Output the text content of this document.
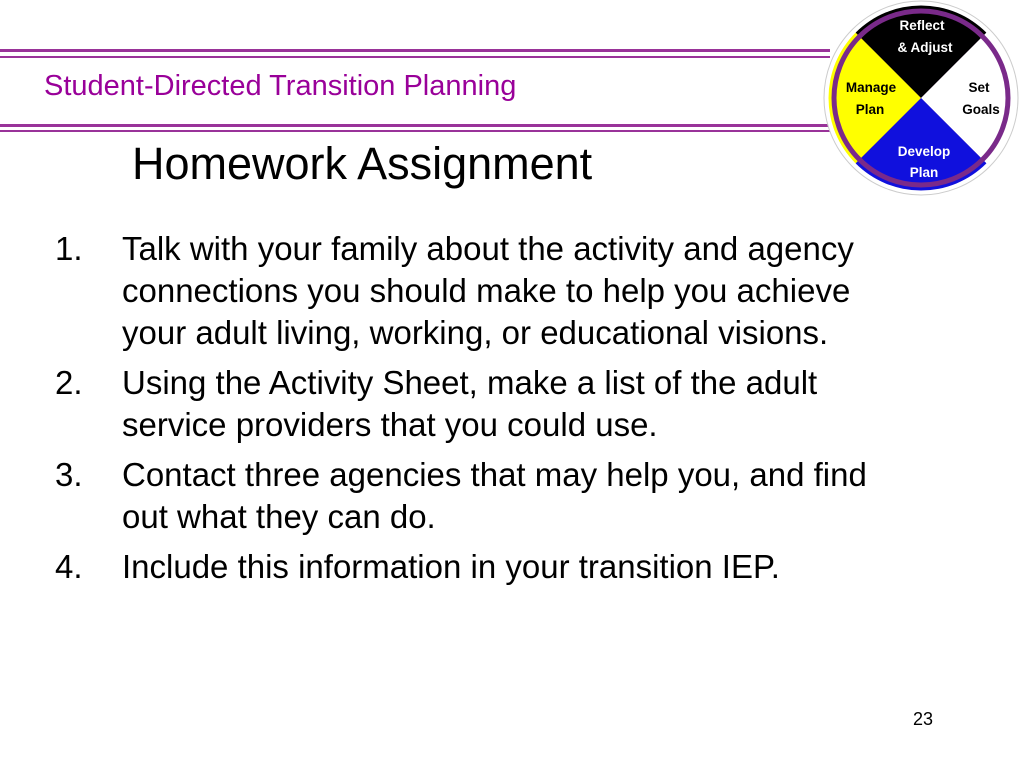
Student-Directed Transition Planning
Reflect
& Adjust
Set
Goals
Develop
Plan
Manage
Plan
Homework Assignment
1.	Talk with your family about the activity and agency connections you should make to help you achieve your adult living, working, or educational visions.
2.	Using the Activity Sheet, make a list of the adult service providers that you could use.
3.	Contact three agencies that may help you, and find out what they can do.
4.	Include this information in your transition IEP.
23
